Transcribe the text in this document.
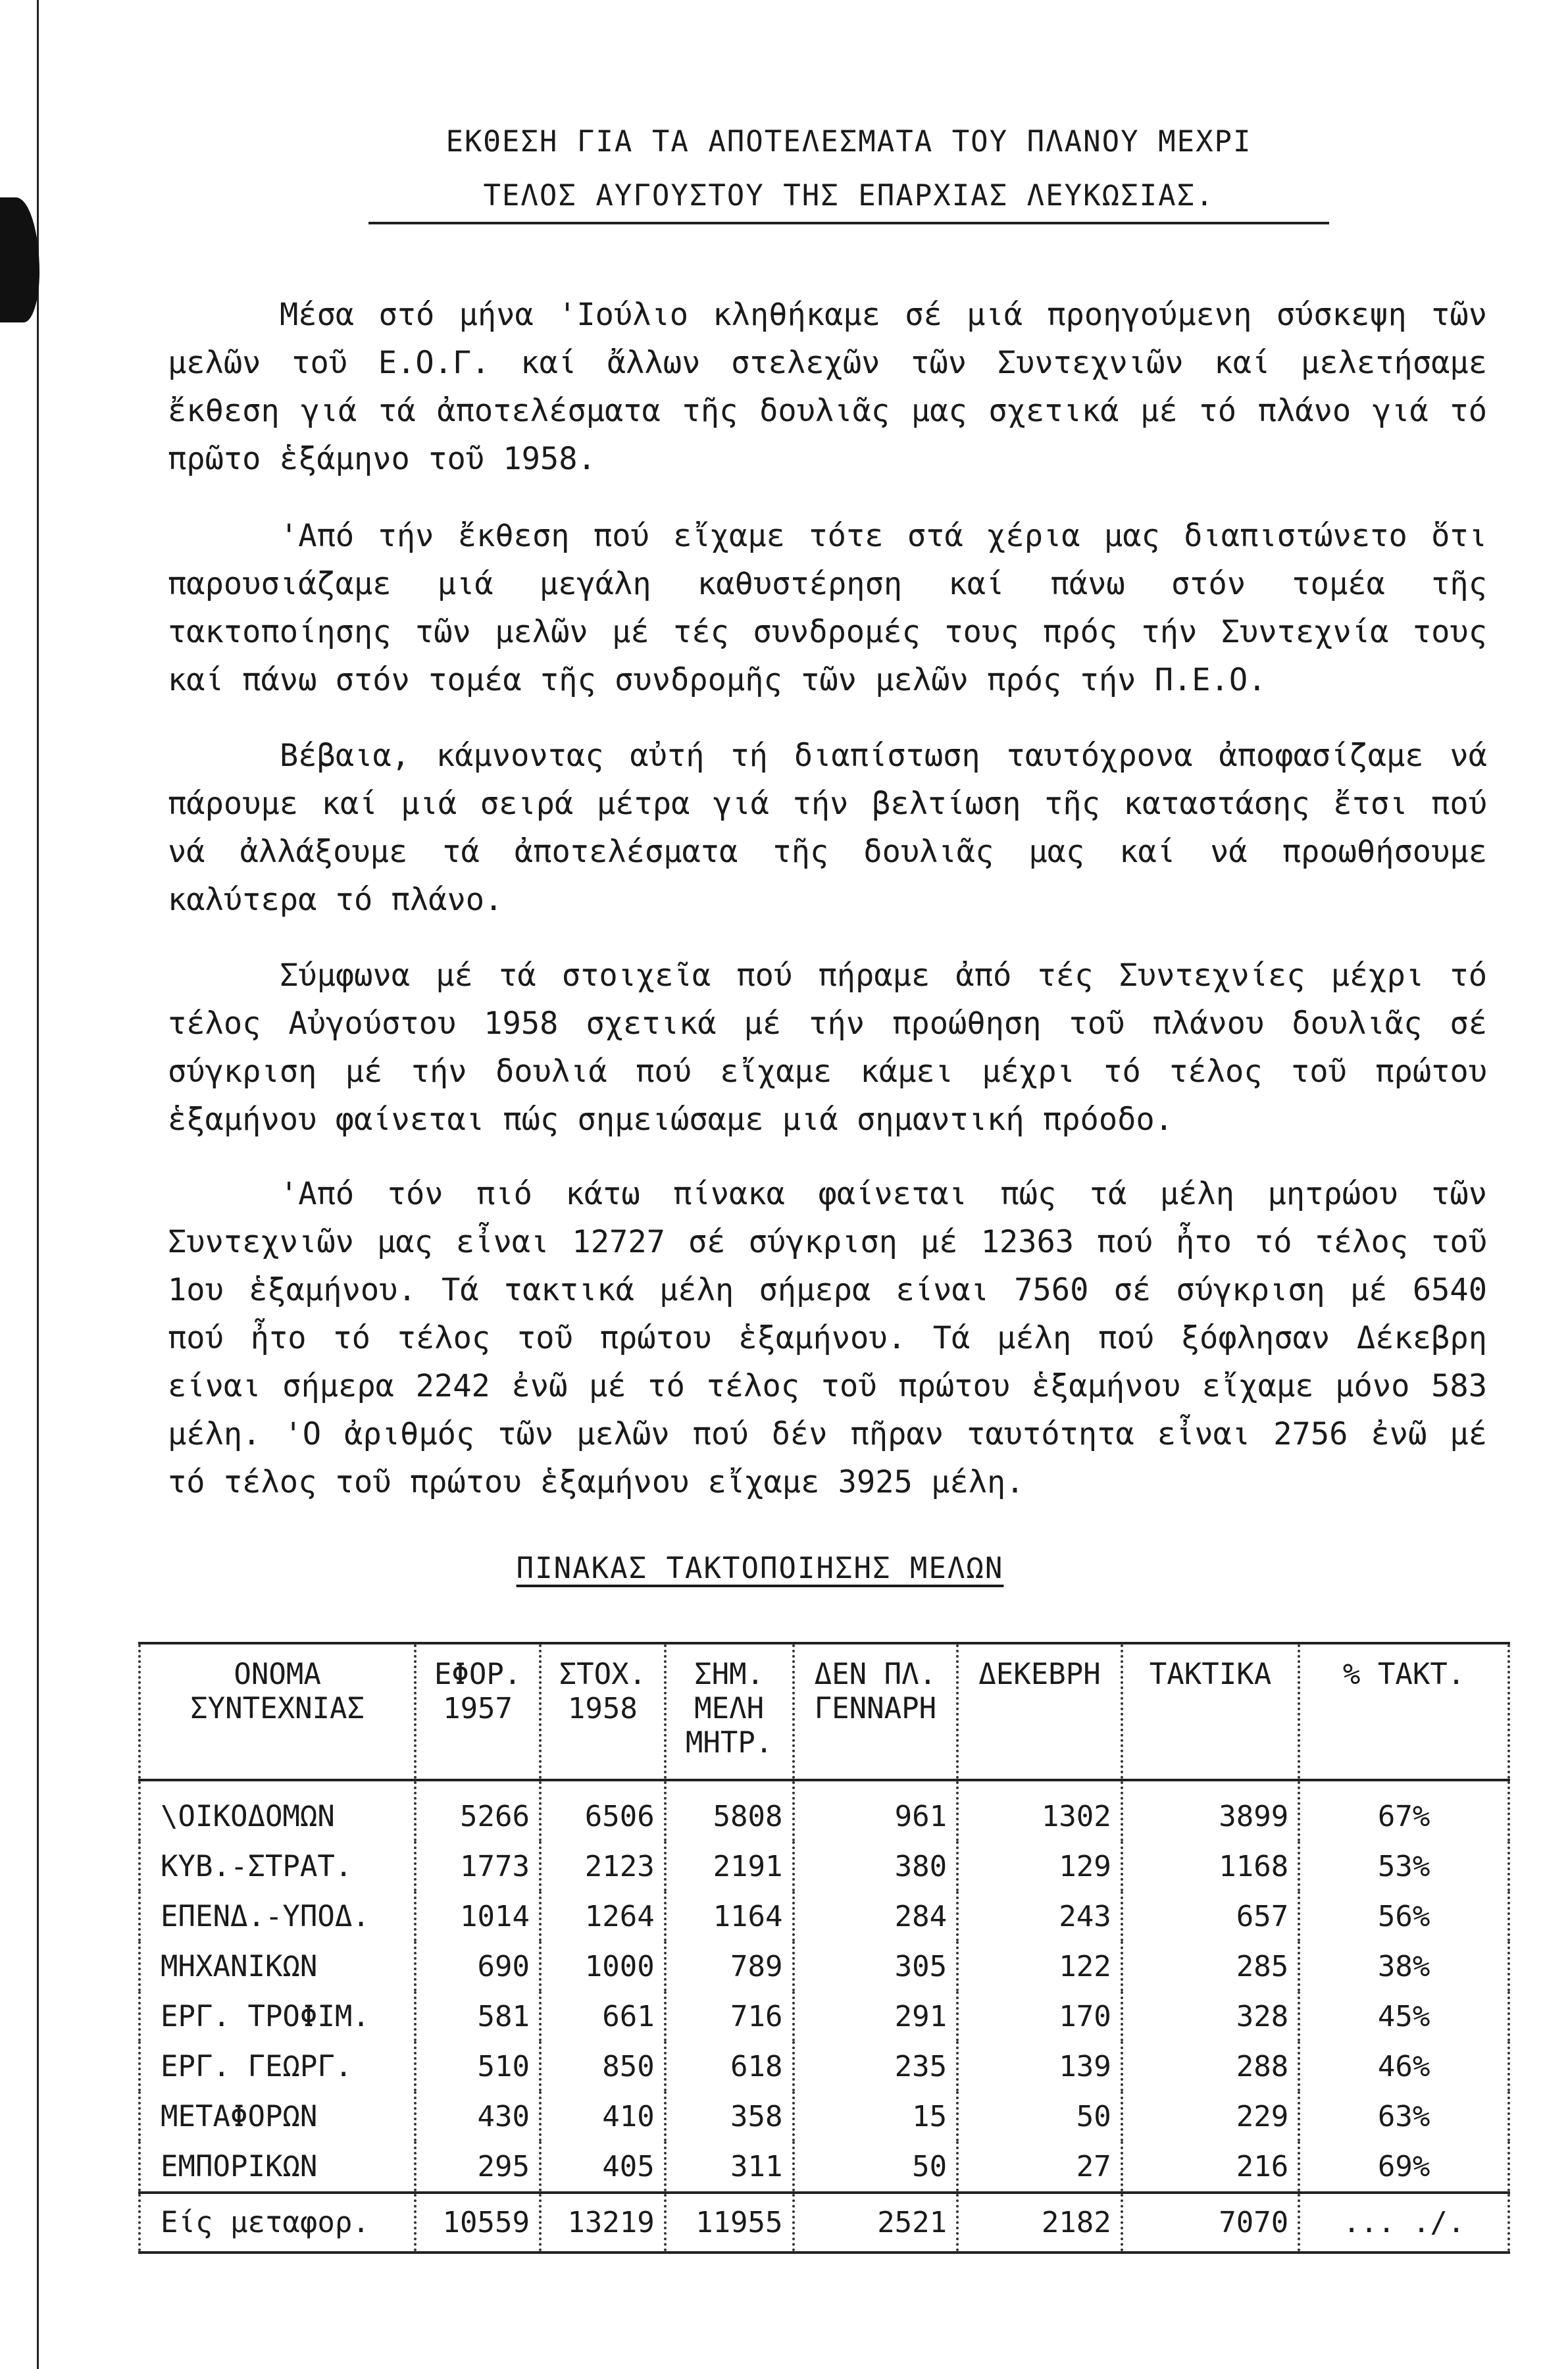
ΕΚΘΕΣΗ ΓΙΑ ΤΑ ΑΠΟΤΕΛΕΣΜΑΤΑ ΤΟΥ ΠΛΑΝΟΥ ΜΕΧΡΙ
ΤΕΛΟΣ ΑΥΓΟΥΣΤΟΥ ΤΗΣ ΕΠΑΡΧΙΑΣ ΛΕΥΚΩΣΙΑΣ.

Μέσα στό μήνα 'Ιούλιο κληθήκαμε σέ μιά προηγούμενη σύσκεψη τῶν μελῶν τοῦ Ε.Ο.Γ. καί ἄλλων στελεχῶν τῶν Συντεχνιῶν καί μελετήσαμε ἔκθεση γιά τά ἀποτελέσματα τῆς δουλιᾶς μας σχετικά μέ τό πλάνο γιά τό πρῶτο ἑξάμηνο τοῦ 1958.

'Από τήν ἔκθεση πού εἴχαμε τότε στά χέρια μας διαπιστώνετο ὅτι παρουσιάζαμε μιά μεγάλη καθυστέρηση καί πάνω στόν τομέα τῆς τακτοποίησης τῶν μελῶν μέ τές συνδρομές τους πρός τήν Συντεχνία τους καί πάνω στόν τομέα τῆς συνδρομῆς τῶν μελῶν πρός τήν Π.Ε.Ο.

Βέβαια, κάμνοντας αὐτή τή διαπίστωση ταυτόχρονα ἀποφασίζαμε νά πάρουμε καί μιά σειρά μέτρα γιά τήν βελτίωση τῆς καταστάσης ἔτσι πού νά ἀλλάξουμε τά ἀποτελέσματα τῆς δουλιᾶς μας καί νά προωθήσουμε καλύτερα τό πλάνο.

Σύμφωνα μέ τά στοιχεῖα πού πήραμε ἀπό τές Συντεχνίες μέχρι τό τέλος Αὐγούστου 1958 σχετικά μέ τήν προώθηση τοῦ πλάνου δουλιᾶς σέ σύγκριση μέ τήν δουλιά πού εἴχαμε κάμει μέχρι τό τέλος τοῦ πρώτου ἑξαμήνου φαίνεται πώς σημειώσαμε μιά σημαντική πρόοδο.

'Από τόν πιό κάτω πίνακα φαίνεται πώς τά μέλη μητρώου τῶν Συντεχνιῶν μας εἶναι 12727 σέ σύγκριση μέ 12363 πού ἦτο τό τέλος τοῦ 1ου ἑξαμήνου. Τά τακτικά μέλη σήμερα είναι 7560 σέ σύγκριση μέ 6540 πού ἦτο τό τέλος τοῦ πρώτου ἑξαμήνου. Τά μέλη πού ξόφλησαν Δέκεβρη είναι σήμερα 2242 ἐνῶ μέ τό τέλος τοῦ πρώτου ἑξαμήνου εἴχαμε μόνο 583 μέλη. 'Ο ἀριθμός τῶν μελῶν πού δέν πῆραν ταυτότητα εἶναι 2756 ἐνῶ μέ τό τέλος τοῦ πρώτου ἑξαμήνου εἴχαμε 3925 μέλη.

ΠΙΝΑΚΑΣ ΤΑΚΤΟΠΟΙΗΣΗΣ ΜΕΛΩΝ
ΟΝΟΜΑ ΣΥΝΤΕΧΝΙΑΣ	ΕΦΟΡ. 1957	ΣΤΟΧ. 1958	ΣΗΜ. ΜΕΛΗ ΜΗΤΡ.	ΔΕΝ ΠΛ. ΓΕΝΝΑΡΗ	ΔΕΚΕΒΡΗ	ΤΑΚΤΙΚΑ	% ΤΑΚΤ.
\ΟΙΚΟΔΟΜΩΝ	5266	6506	5808	961	1302	3899	67%
ΚΥΒ.-ΣΤΡΑΤ.	1773	2123	2191	380	129	1168	53%
ΕΠΕΝΔ.-ΥΠΟΔ.	1014	1264	1164	284	243	657	56%
ΜΗΧΑΝΙΚΩΝ	690	1000	789	305	122	285	38%
ΕΡΓ. ΤΡΟΦΙΜ.	581	661	716	291	170	328	45%
ΕΡΓ. ΓΕΩΡΓ.	510	850	618	235	139	288	46%
ΜΕΤΑΦΟΡΩΝ	430	410	358	15	50	229	63%
ΕΜΠΟΡΙΚΩΝ	295	405	311	50	27	216	69%
Είς μεταφορ.	10559	13219	11955	2521	2182	7070	... ./.
